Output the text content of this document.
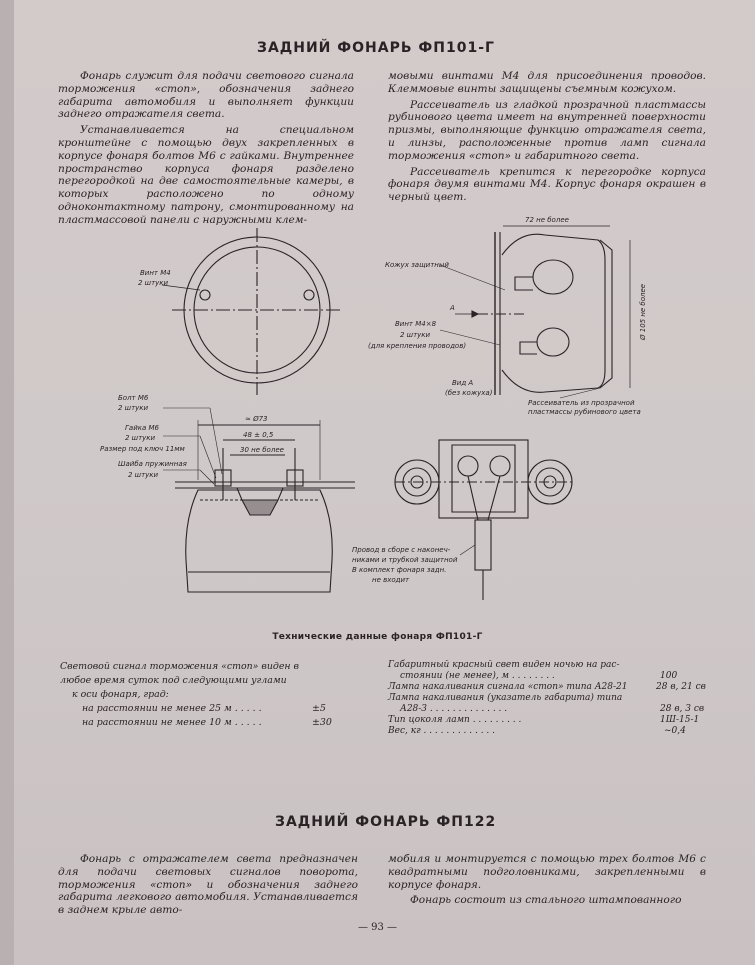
ЗАДНИЙ ФОНАРЬ ФП101-Г

Фонарь служит для подачи светового сигнала торможения «стоп», обозначения заднего габарита автомобиля и выполняет функции заднего отражателя света.

Устанавливается на специальном кронштейне с помощью двух закрепленных в корпусе фонаря болтов М6 с гайками. Внутреннее пространство корпуса фонаря разделено перегородкой на две самостоятельные камеры, в которых расположено по одному одноконтактному патрону, смонтированному на пластмассовой панели с наружными клем-

мовыми винтами М4 для присоединения проводов. Клеммовые винты защищены съемным кожухом.

Рассеиватель из гладкой прозрачной пластмассы рубинового цвета имеет на внутренней поверхности призмы, выполняющие функцию отражателя света, и линзы, расположенные против ламп сигнала торможения «стоп» и габаритного света.

Рассеиватель крепится к перегородке корпуса фонаря двумя винтами М4. Корпус фонаря окрашен в черный цвет.

Винт М4
2 штуки
Болт М6
2 штуки
Гайка М6
2 штуки
Размер под ключ 11мм
Шайба пружинная
2 штуки
≈ Ø73
48 ± 0,5
30 не более
Кожух защитный
А
72 не более
Ø 105 не более
Винт М4×8
2 штуки
(для крепления проводов)
Вид А
(без кожуха)
Рассеиватель из прозрачной
пластмассы рубинового цвета
Провод в сборе с наконеч-
никами и трубкой защитной
В комплект фонаря задн.
не входит
Технические данные фонаря ФП101-Г
Световой сигнал торможения «стоп» виден в
любое время суток под следующими углами
к оси фонаря, град:
на расстоянии не менее 25 м . . . . .	±5
на расстоянии не менее 10 м . . . . .	±30
Габаритный красный свет виден ночью на рас-
стоянии (не менее), м . . . . . . . .	100
Лампа накаливания сигнала «стоп» типа А28-21	28 в, 21 св
Лампа накаливания (указатель габарита) типа
А28-3 . . . . . . . . . . . . . .	28 в, 3 св
Тип цоколя ламп . . . . . . . . .	1Ш-15-1
Вес, кг . . . . . . . . . . . . .	~0,4
ЗАДНИЙ ФОНАРЬ ФП122

Фонарь с отражателем света предназначен для подачи световых сигналов поворота, торможения «стоп» и обозначения заднего габарита легкового автомобиля. Устанавливается в заднем крыле авто-

мобиля и монтируется с помощью трех болтов М6 с квадратными подголовниками, закрепленными в корпусе фонаря.

Фонарь состоит из стального штампованного

— 93 —
